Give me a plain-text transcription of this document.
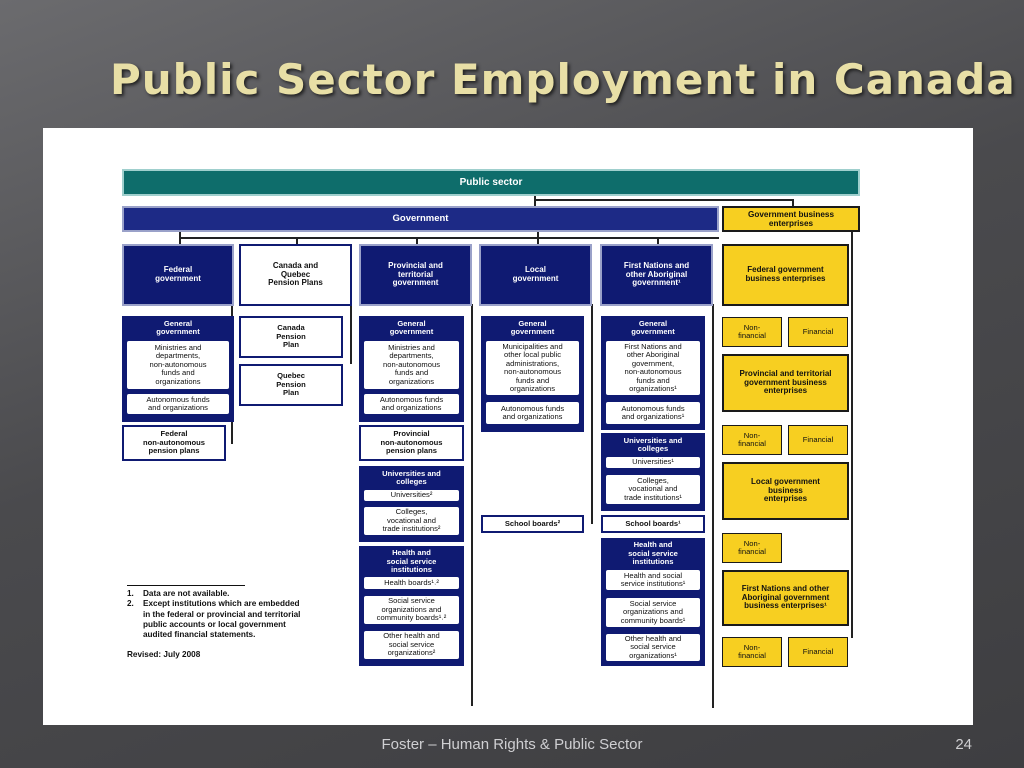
Public Sector Employment in Canada
Public sector
Government	Government business
enterprises
Federal
government
General
government
Ministries and
departments,
non-autonomous
funds and
organizations
Autonomous funds
and organizations
Federal
non-autonomous
pension plans
Canada and
Quebec
Pension Plans
Canada
Pension
Plan
Quebec
Pension
Plan
Provincial and
territorial
government
General
government
Ministries and
departments,
non-autonomous
funds and
organizations
Autonomous funds
and organizations
Provincial
non-autonomous
pension plans
Universities and
colleges
Universities²
Colleges,
vocational and
trade institutions²
Health and
social service
institutions
Health boards¹˒²
Social service
organizations and
community boards¹˒²
Other health and
social service
organizations²
Local
government
General
government
Municipalities and
other local public
administrations,
non-autonomous
funds and
organizations
Autonomous funds
and organizations
School boards²
First Nations and
other Aboriginal
government¹
General
government
First Nations and
other Aboriginal
government,
non-autonomous
funds and
organizations¹
Autonomous funds
and organizations¹
Universities and
colleges
Universities¹
Colleges,
vocational and
trade institutions¹
School boards¹
Health and
social service
institutions
Health and social
service institutions¹
Social service
organizations and
community boards¹
Other health and
social service
organizations¹
Federal government
business enterprises
Non-
financial	Financial
Provincial and territorial
government business
enterprises
Non-
financial	Financial
Local government
business
enterprises
Non-
financial
First Nations and other
Aboriginal government
business enterprises¹
Non-
financial	Financial
1.	Data are not available.
2.	Except institutions which are embedded
in the federal or provincial and territorial
public accounts or local government
audited financial statements.
Revised: July 2008
Foster – Human Rights & Public Sector	24
